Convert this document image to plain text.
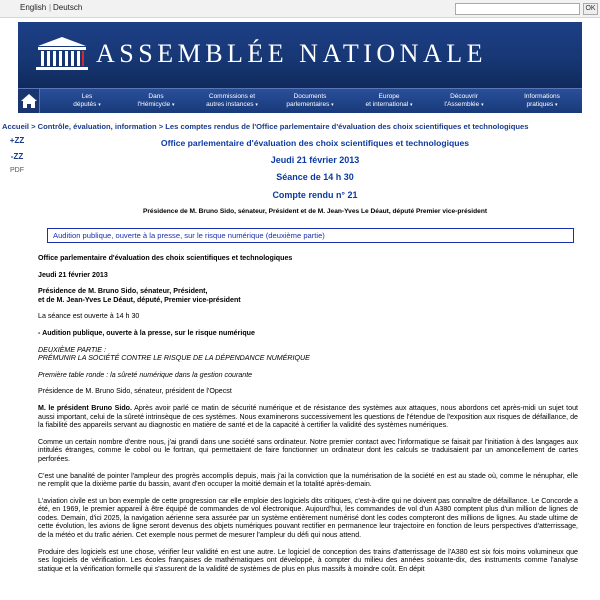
English | Deutsch	OK
ASSEMBLÉE NATIONALE
Les
députés ▾
Dans
l'Hémicycle ▾
Commissions et
autres instances ▾
Documents
parlementaires ▾
Europe
et international ▾
Découvrir
l'Assemblée ▾
Informations
pratiques ▾
Accueil > Contrôle, évaluation, information > Les comptes rendus de l'Office parlementaire d'évaluation des choix scientifiques et technologiques
+ZZ
-ZZ
PDF
Office parlementaire d'évaluation des choix scientifiques et technologiques
Jeudi 21 février 2013
Séance de 14 h 30
Compte rendu n° 21
Présidence de M. Bruno Sido, sénateur, Président et de M. Jean-Yves Le Déaut, député Premier vice-président
Audition publique, ouverte à la presse, sur le risque numérique (deuxième partie)

Office parlementaire d'évaluation des choix scientifiques et technologiques

Jeudi 21 février 2013

Présidence de M. Bruno Sido, sénateur, Président,
et de M. Jean-Yves Le Déaut, député, Premier vice-président

La séance est ouverte à 14 h 30

- Audition publique, ouverte à la presse, sur le risque numérique

DEUXIÈME PARTIE :
PRÉMUNIR LA SOCIÉTÉ CONTRE LE RISQUE DE LA DÉPENDANCE NUMÉRIQUE

Première table ronde : la sûreté numérique dans la gestion courante

Présidence de M. Bruno Sido, sénateur, président de l'Opecst

M. le président Bruno Sido. Après avoir parlé ce matin de sécurité numérique et de résistance des systèmes aux attaques, nous abordons cet après-midi un sujet tout aussi important, celui de la sûreté intrinsèque de ces systèmes. Nous examinerons successivement les questions de l'étendue de l'exposition aux risques de défaillance, de la fiabilité des appareils servant au diagnostic en matière de santé et de la capacité à certifier la validité des systèmes numériques.

Comme un certain nombre d'entre nous, j'ai grandi dans une société sans ordinateur. Notre premier contact avec l'informatique se faisait par l'initiation à des langages aux intitulés étranges, comme le cobol ou le fortran, qui permettaient de faire fonctionner un ordinateur dont les calculs se traduisaient par un amoncellement de cartes perforées.

C'est une banalité de pointer l'ampleur des progrès accomplis depuis, mais j'ai la conviction que la numérisation de la société en est au stade où, comme le nénuphar, elle ne remplit que la dixième partie du bassin, avant d'en occuper la moitié demain et la totalité après-demain.

L'aviation civile est un bon exemple de cette progression car elle emploie des logiciels dits critiques, c'est-à-dire qui ne doivent pas connaître de défaillance. Le Concorde a été, en 1969, le premier appareil à être équipé de commandes de vol électronique. Aujourd'hui, les commandes de vol d'un A380 comptent plus d'un million de lignes de codes. Demain, d'ici 2025, la navigation aérienne sera assurée par un système entièrement numérisé dont les codes compteront des millions de lignes. Au stade ultime de cette évolution, les avions de ligne seront devenus des objets numériques pouvant rectifier en permanence leur trajectoire en fonction de leurs perspectives d'atterrissage, de la météo et du trafic aérien. Cet exemple nous permet de mesurer l'ampleur du défi qui nous attend.

Produire des logiciels est une chose, vérifier leur validité en est une autre. Le logiciel de conception des trains d'atterrissage de l'A380 est six fois moins volumineux que ses logiciels de vérification. Les écoles françaises de mathématiques ont développé, à compter du milieu des années soixante-dix, des instruments comme l'analyse statique et la vérification formelle qui s'assurent de la validité de systèmes de plus en plus massifs à moindre coût. En dépit
